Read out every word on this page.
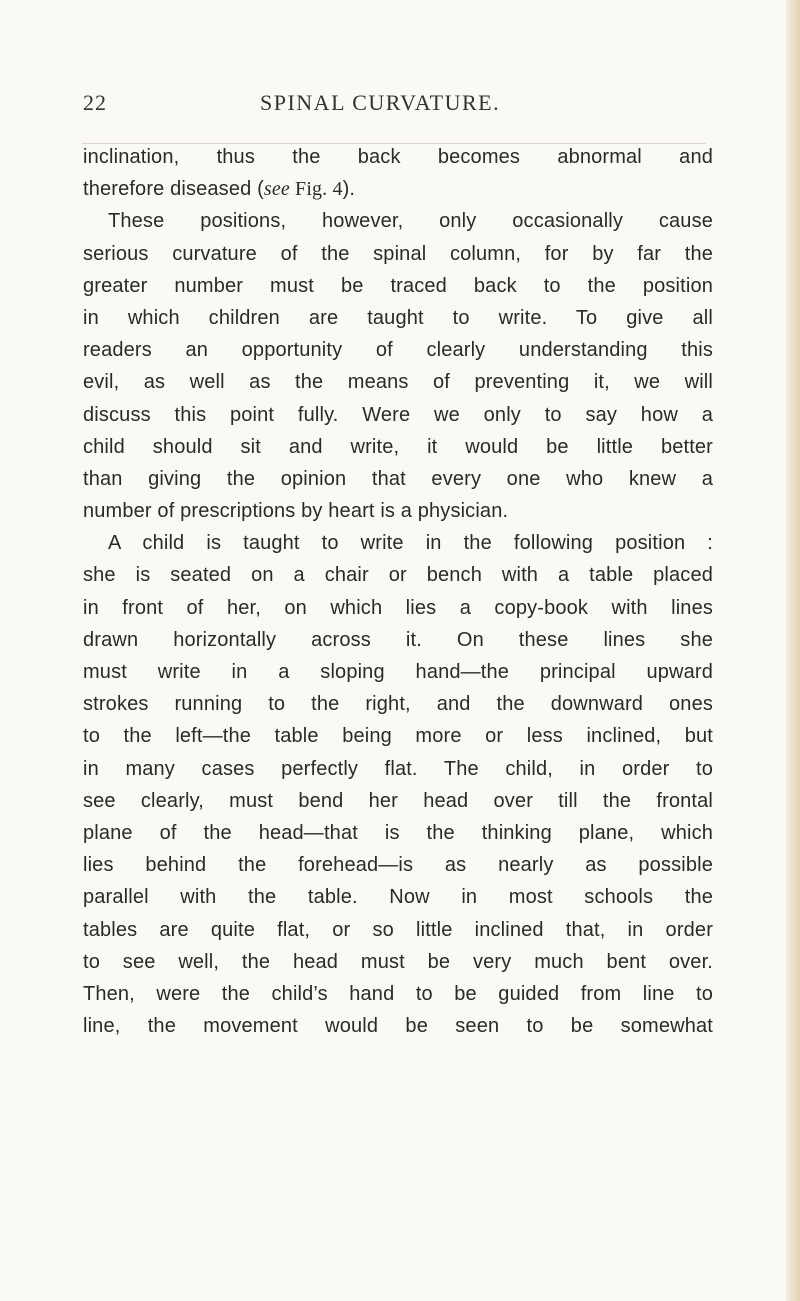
22	SPINAL CURVATURE.
inclination, thus the back becomes abnormal and
therefore diseased (see Fig. 4).
These positions, however, only occasionally cause
serious curvature of the spinal column, for by far the
greater number must be traced back to the position
in which children are taught to write. To give all
readers an opportunity of clearly understanding this
evil, as well as the means of preventing it, we will
discuss this point fully. Were we only to say how a
child should sit and write, it would be little better
than giving the opinion that every one who knew a
number of prescriptions by heart is a physician.
A child is taught to write in the following position :
she is seated on a chair or bench with a table placed
in front of her, on which lies a copy-book with lines
drawn horizontally across it. On these lines she
must write in a sloping hand—the principal upward
strokes running to the right, and the downward ones
to the left—the table being more or less inclined, but
in many cases perfectly flat. The child, in order to
see clearly, must bend her head over till the frontal
plane of the head—that is the thinking plane, which
lies behind the forehead—is as nearly as possible
parallel with the table. Now in most schools the
tables are quite flat, or so little inclined that, in order
to see well, the head must be very much bent over.
Then, were the child’s hand to be guided from line to
line, the movement would be seen to be somewhat
